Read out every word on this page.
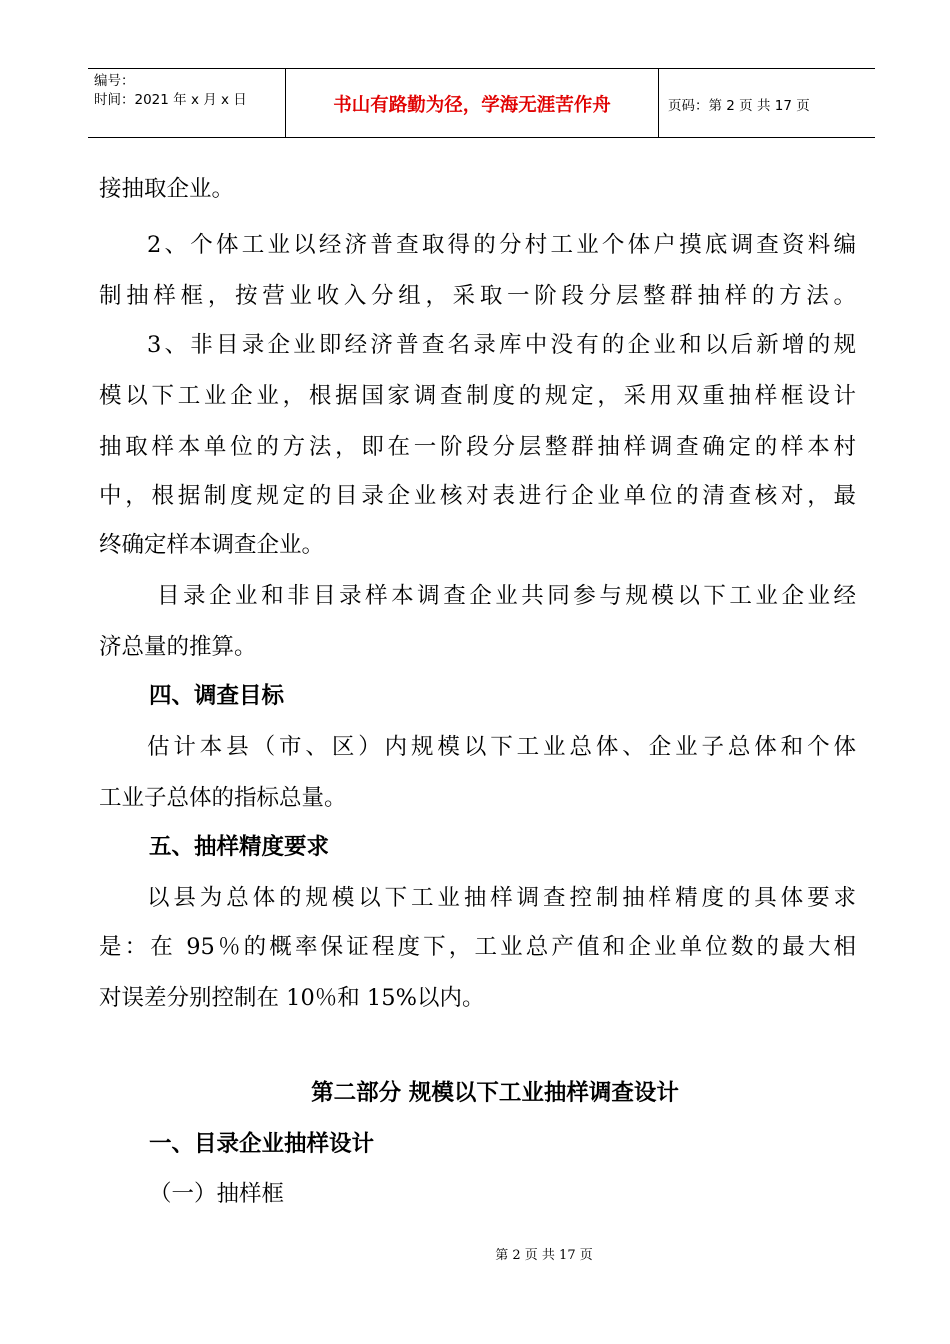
编号：
时间：2021 年 x 月 x 日	书山有路勤为径，学海无涯苦作舟	页码：第 2 页 共 17 页
接抽取企业。
2、个体工业以经济普查取得的分村工业个体户摸底调查资料编
制抽样框，按营业收入分组，采取一阶段分层整群抽样的方法。
3、非目录企业即经济普查名录库中没有的企业和以后新增的规
模以下工业企业，根据国家调查制度的规定，采用双重抽样框设计
抽取样本单位的方法，即在一阶段分层整群抽样调查确定的样本村
中，根据制度规定的目录企业核对表进行企业单位的清查核对，最
终确定样本调查企业。
目录企业和非目录样本调查企业共同参与规模以下工业企业经
济总量的推算。
四、调查目标
估计本县（市、区）内规模以下工业总体、企业子总体和个体
工业子总体的指标总量。
五、抽样精度要求
以县为总体的规模以下工业抽样调查控制抽样精度的具体要求
是：在 95％的概率保证程度下，工业总产值和企业单位数的最大相
对误差分别控制在 10％和 15%以内。
第二部分 规模以下工业抽样调查设计
一、目录企业抽样设计
（一）抽样框
第 2 页 共 17 页
